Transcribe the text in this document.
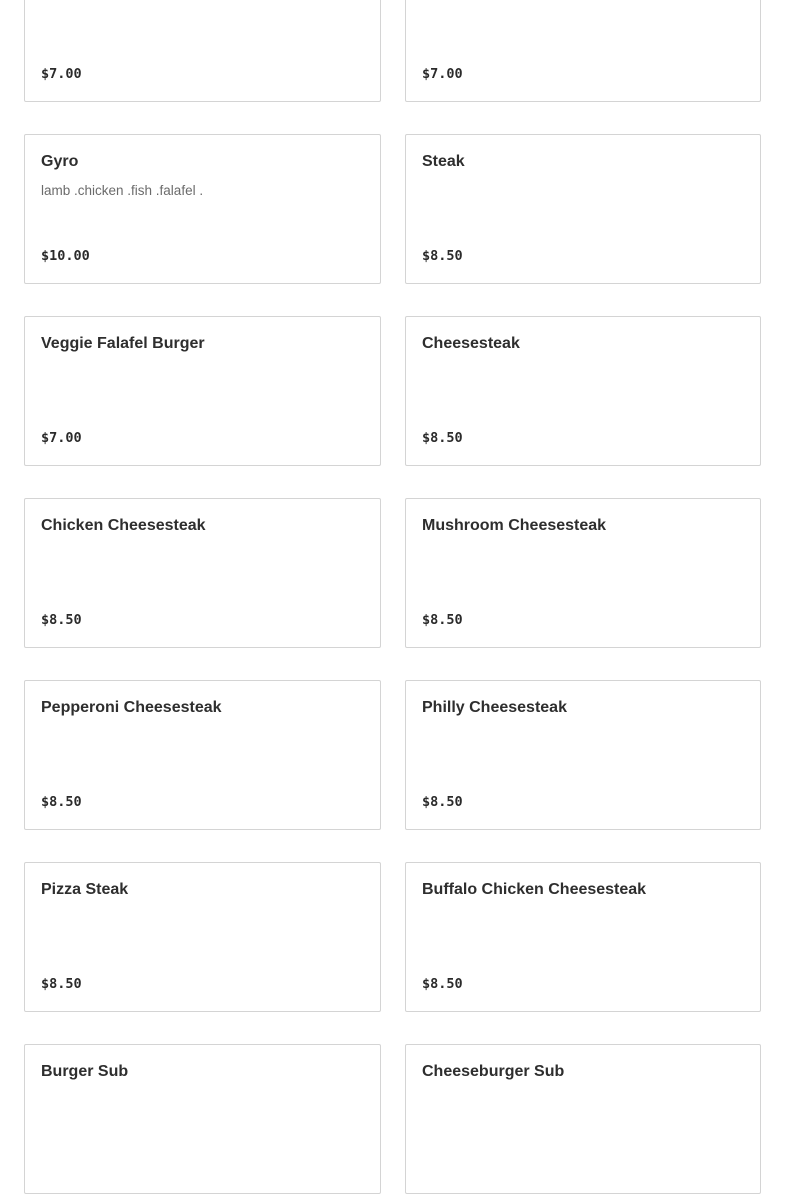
$7.00	$7.00
Gyro
lamb .chicken .fish .falafel .
$10.00
Steak
$8.50
Veggie Falafel Burger
$7.00
Cheesesteak
$8.50
Chicken Cheesesteak
$8.50
Mushroom Cheesesteak
$8.50
Pepperoni Cheesesteak
$8.50
Philly Cheesesteak
$8.50
Pizza Steak
$8.50
Buffalo Chicken Cheesesteak
$8.50
Burger Sub	Cheeseburger Sub
